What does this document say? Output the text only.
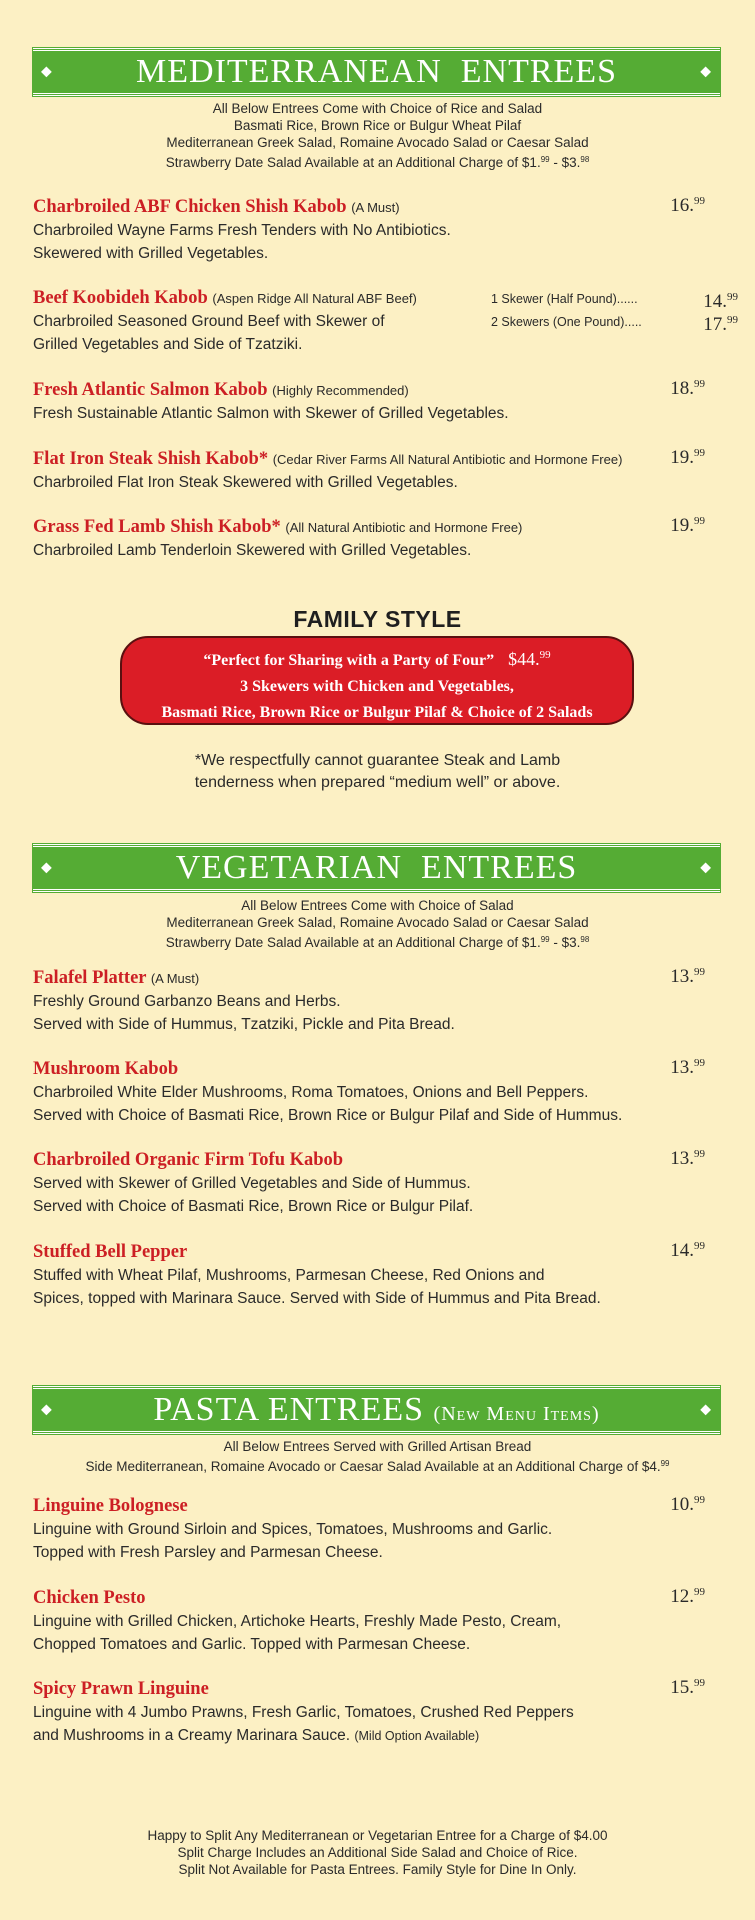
◆ MEDITERRANEAN  ENTREES	◆
All Below Entrees Come with Choice of Rice and Salad
Basmati Rice, Brown Rice or Bulgur Wheat Pilaf
Mediterranean Greek Salad, Romaine Avocado Salad or Caesar Salad
Strawberry Date Salad Available at an Additional Charge of $1.99 - $3.98
Charbroiled ABF Chicken Shish Kabob (A Must)	16.99
Charbroiled Wayne Farms Fresh Tenders with No Antibiotics.
Skewered with Grilled Vegetables.
Beef Koobideh Kabob (Aspen Ridge All Natural ABF Beef)
Charbroiled Seasoned Ground Beef with Skewer of
Grilled Vegetables and Side of Tzatziki.
1 Skewer (Half Pound)......	14.99
2 Skewers (One Pound).....	17.99
Fresh Atlantic Salmon Kabob (Highly Recommended)	18.99
Fresh Sustainable Atlantic Salmon with Skewer of Grilled Vegetables.
Flat Iron Steak Shish Kabob* (Cedar River Farms All Natural Antibiotic and Hormone Free)	19.99
Charbroiled Flat Iron Steak Skewered with Grilled Vegetables.
Grass Fed Lamb Shish Kabob* (All Natural Antibiotic and Hormone Free)	19.99
Charbroiled Lamb Tenderloin Skewered with Grilled Vegetables.
FAMILY STYLE
“Perfect for Sharing with a Party of Four” $44.99
3 Skewers with Chicken and Vegetables,
Basmati Rice, Brown Rice or Bulgur Pilaf & Choice of 2 Salads
*We respectfully cannot guarantee Steak and Lamb
tenderness when prepared “medium well” or above.
◆	VEGETARIAN  ENTREES	◆
All Below Entrees Come with Choice of Salad
Mediterranean Greek Salad, Romaine Avocado Salad or Caesar Salad
Strawberry Date Salad Available at an Additional Charge of $1.99 - $3.98
Falafel Platter (A Must)	13.99
Freshly Ground Garbanzo Beans and Herbs.
Served with Side of Hummus, Tzatziki, Pickle and Pita Bread.
Mushroom Kabob	13.99
Charbroiled White Elder Mushrooms, Roma Tomatoes, Onions and Bell Peppers.
Served with Choice of Basmati Rice, Brown Rice or Bulgur Pilaf and Side of Hummus.
Charbroiled Organic Firm Tofu Kabob	13.99
Served with Skewer of Grilled Vegetables and Side of Hummus.
Served with Choice of Basmati Rice, Brown Rice or Bulgur Pilaf.
Stuffed Bell Pepper	14.99
Stuffed with Wheat Pilaf, Mushrooms, Parmesan Cheese, Red Onions and
Spices, topped with Marinara Sauce. Served with Side of Hummus and Pita Bread.
◆	PASTA ENTREES (New Menu Items)	◆
All Below Entrees Served with Grilled Artisan Bread
Side Mediterranean, Romaine Avocado or Caesar Salad Available at an Additional Charge of $4.99
Linguine Bolognese	10.99
Linguine with Ground Sirloin and Spices, Tomatoes, Mushrooms and Garlic.
Topped with Fresh Parsley and Parmesan Cheese.
Chicken Pesto	12.99
Linguine with Grilled Chicken, Artichoke Hearts, Freshly Made Pesto, Cream,
Chopped Tomatoes and Garlic. Topped with Parmesan Cheese.
Spicy Prawn Linguine	15.99
Linguine with 4 Jumbo Prawns, Fresh Garlic, Tomatoes, Crushed Red Peppers
and Mushrooms in a Creamy Marinara Sauce. (Mild Option Available)
Happy to Split Any Mediterranean or Vegetarian Entree for a Charge of $4.00
Split Charge Includes an Additional Side Salad and Choice of Rice.
Split Not Available for Pasta Entrees. Family Style for Dine In Only.
